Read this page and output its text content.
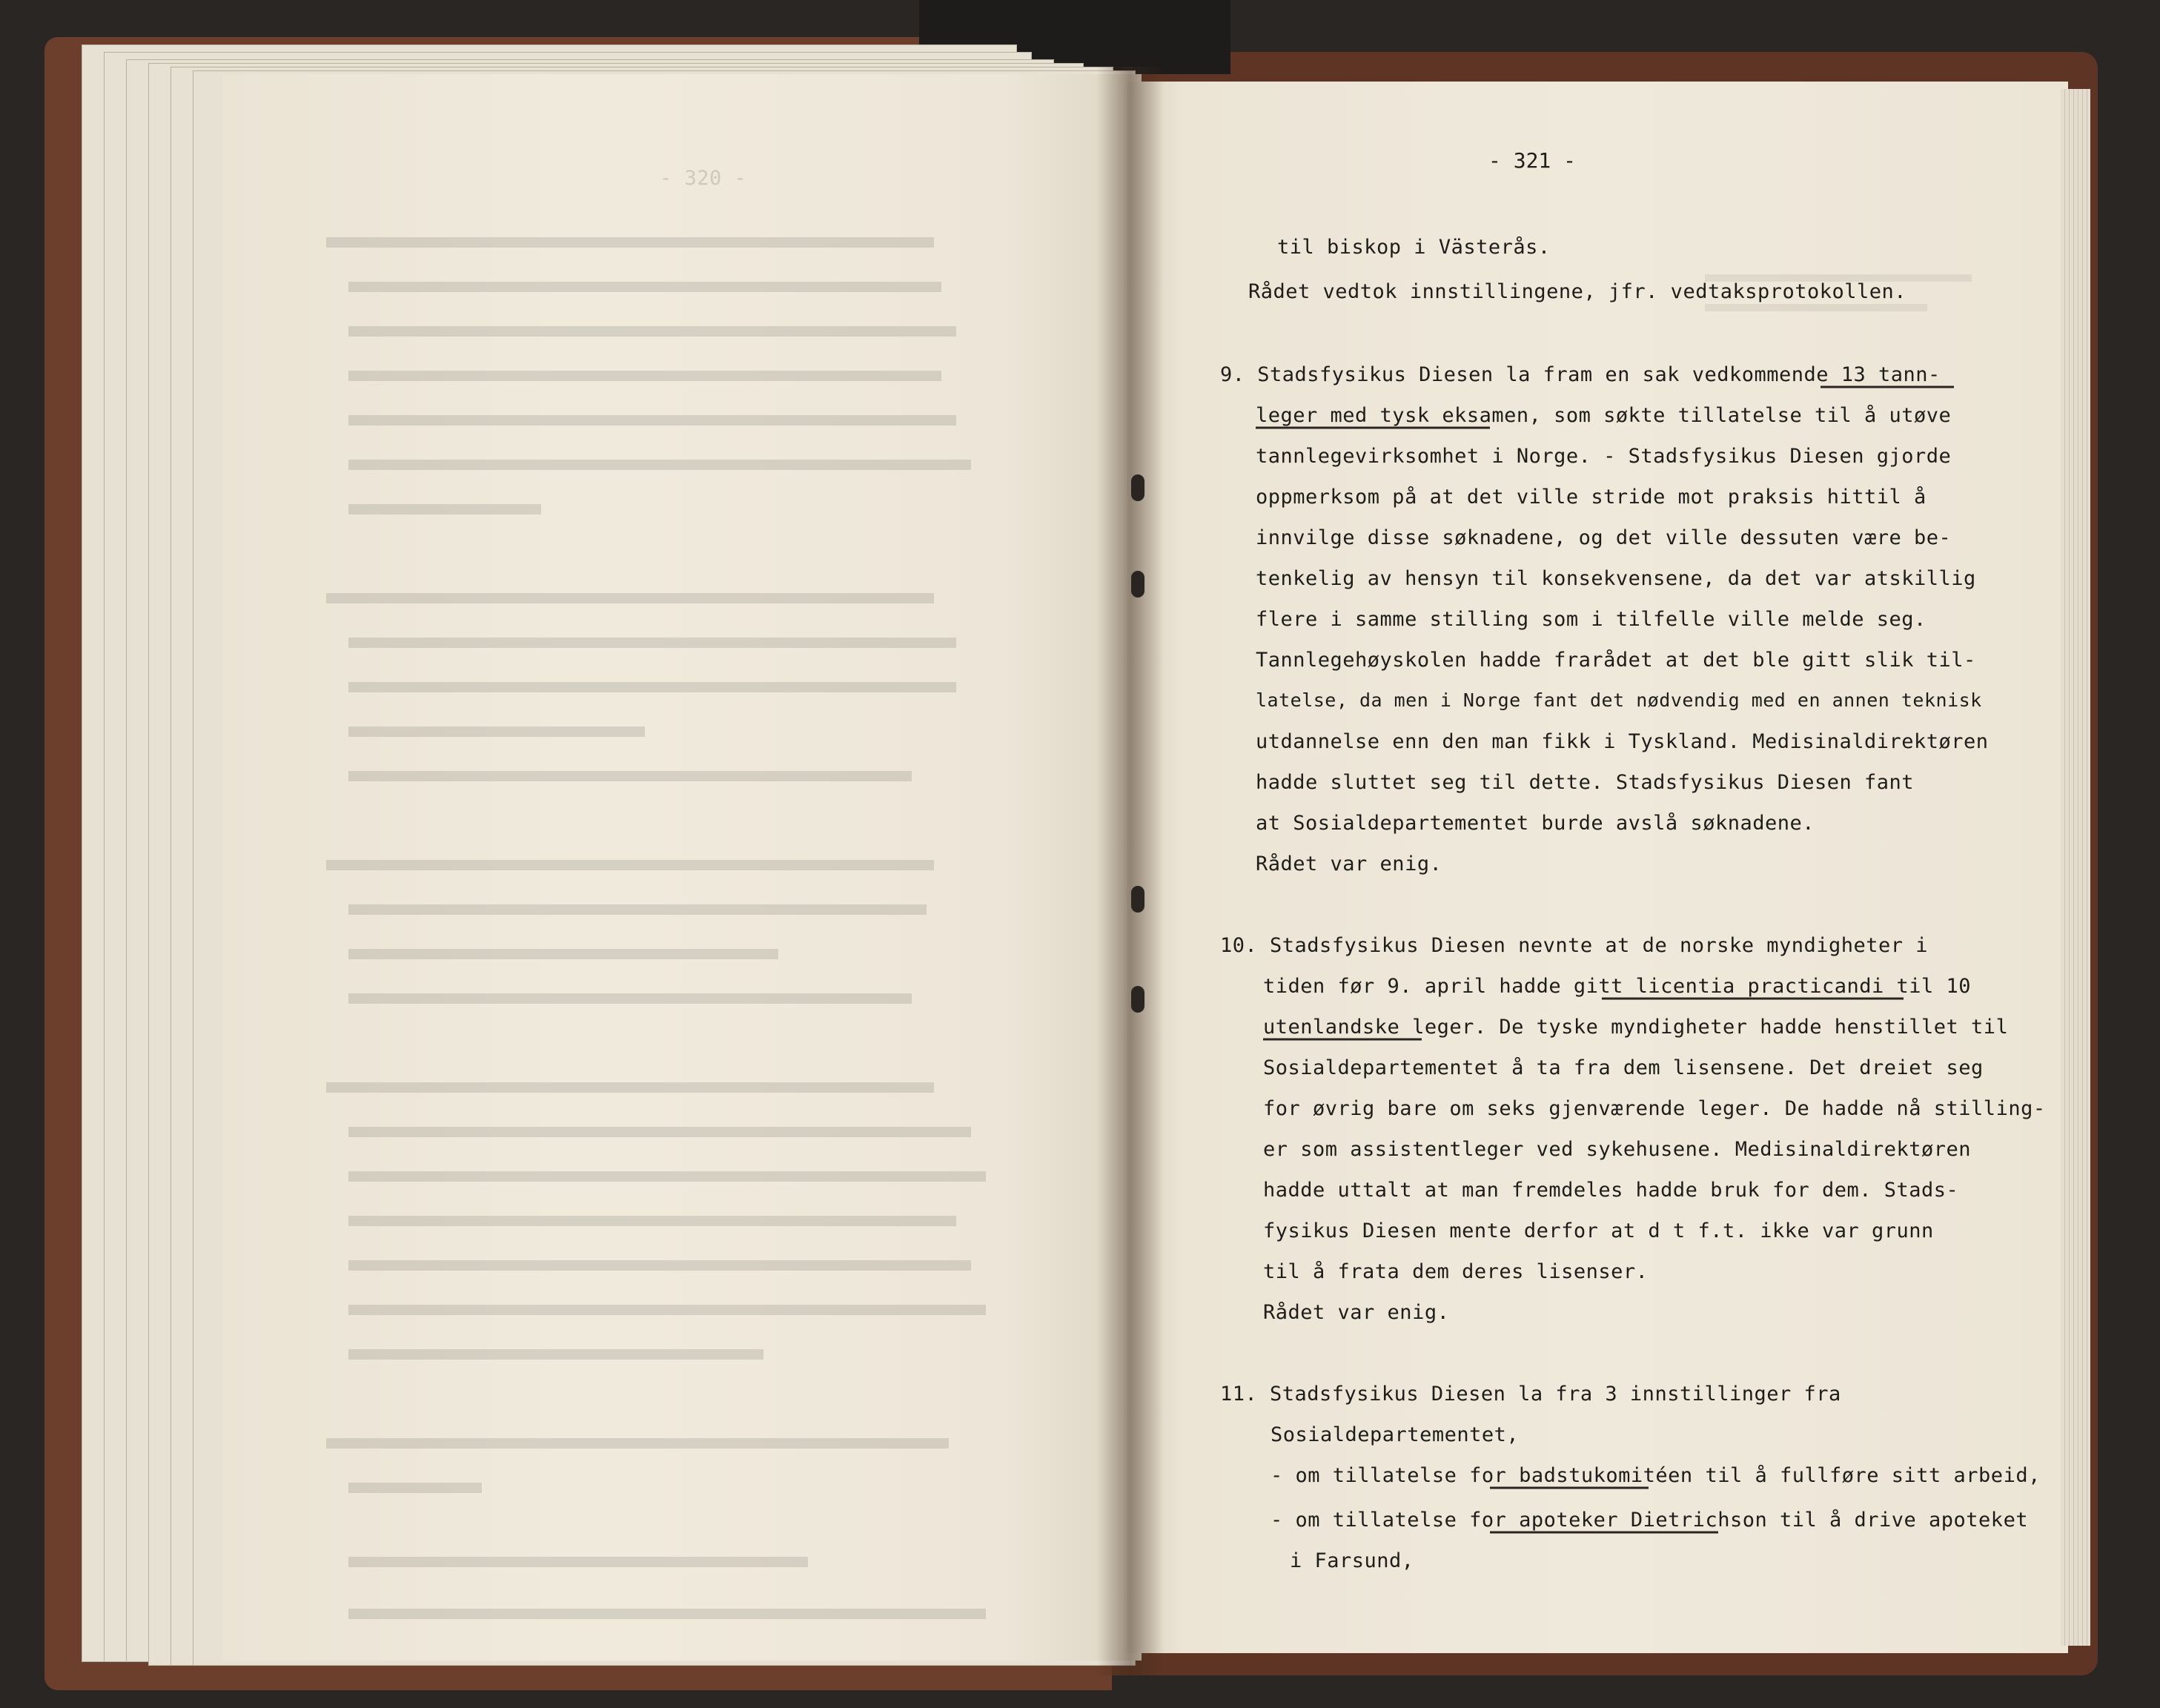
- 320 -
- 321 -
til biskop i Västerås.
Rådet vedtok innstillingene, jfr. vedtaksprotokollen.
9. Stadsfysikus Diesen la fram en sak vedkommende 13 tann-
leger med tysk eksamen, som søkte tillatelse til å utøve
tannlegevirksomhet i Norge. - Stadsfysikus Diesen gjorde
oppmerksom på at det ville stride mot praksis hittil å
innvilge disse søknadene, og det ville dessuten være be-
tenkelig av hensyn til konsekvensene, da det var atskillig
flere i samme stilling som i tilfelle ville melde seg.
Tannlegehøyskolen hadde frarådet at det ble gitt slik til-
latelse, da men i Norge fant det nødvendig med en annen teknisk
utdannelse enn den man fikk i Tyskland. Medisinaldirektøren
hadde sluttet seg til dette. Stadsfysikus Diesen fant
at Sosialdepartementet burde avslå søknadene.
Rådet var enig.
10. Stadsfysikus Diesen nevnte at de norske myndigheter i
tiden før 9. april hadde gitt licentia practicandi til 10
utenlandske leger. De tyske myndigheter hadde henstillet til
Sosialdepartementet å ta fra dem lisensene. Det dreiet seg
for øvrig bare om seks gjenværende leger. De hadde nå stilling-
er som assistentleger ved sykehusene. Medisinaldirektøren
hadde uttalt at man fremdeles hadde bruk for dem. Stads-
fysikus Diesen mente derfor at d t f.t. ikke var grunn
til å frata dem deres lisenser.
Rådet var enig.
11. Stadsfysikus Diesen la fra 3 innstillinger fra
Sosialdepartementet,
- om tillatelse for badstukomitéen til å fullføre sitt arbeid,
- om tillatelse for apoteker Dietrichson til å drive apoteket
i Farsund,
